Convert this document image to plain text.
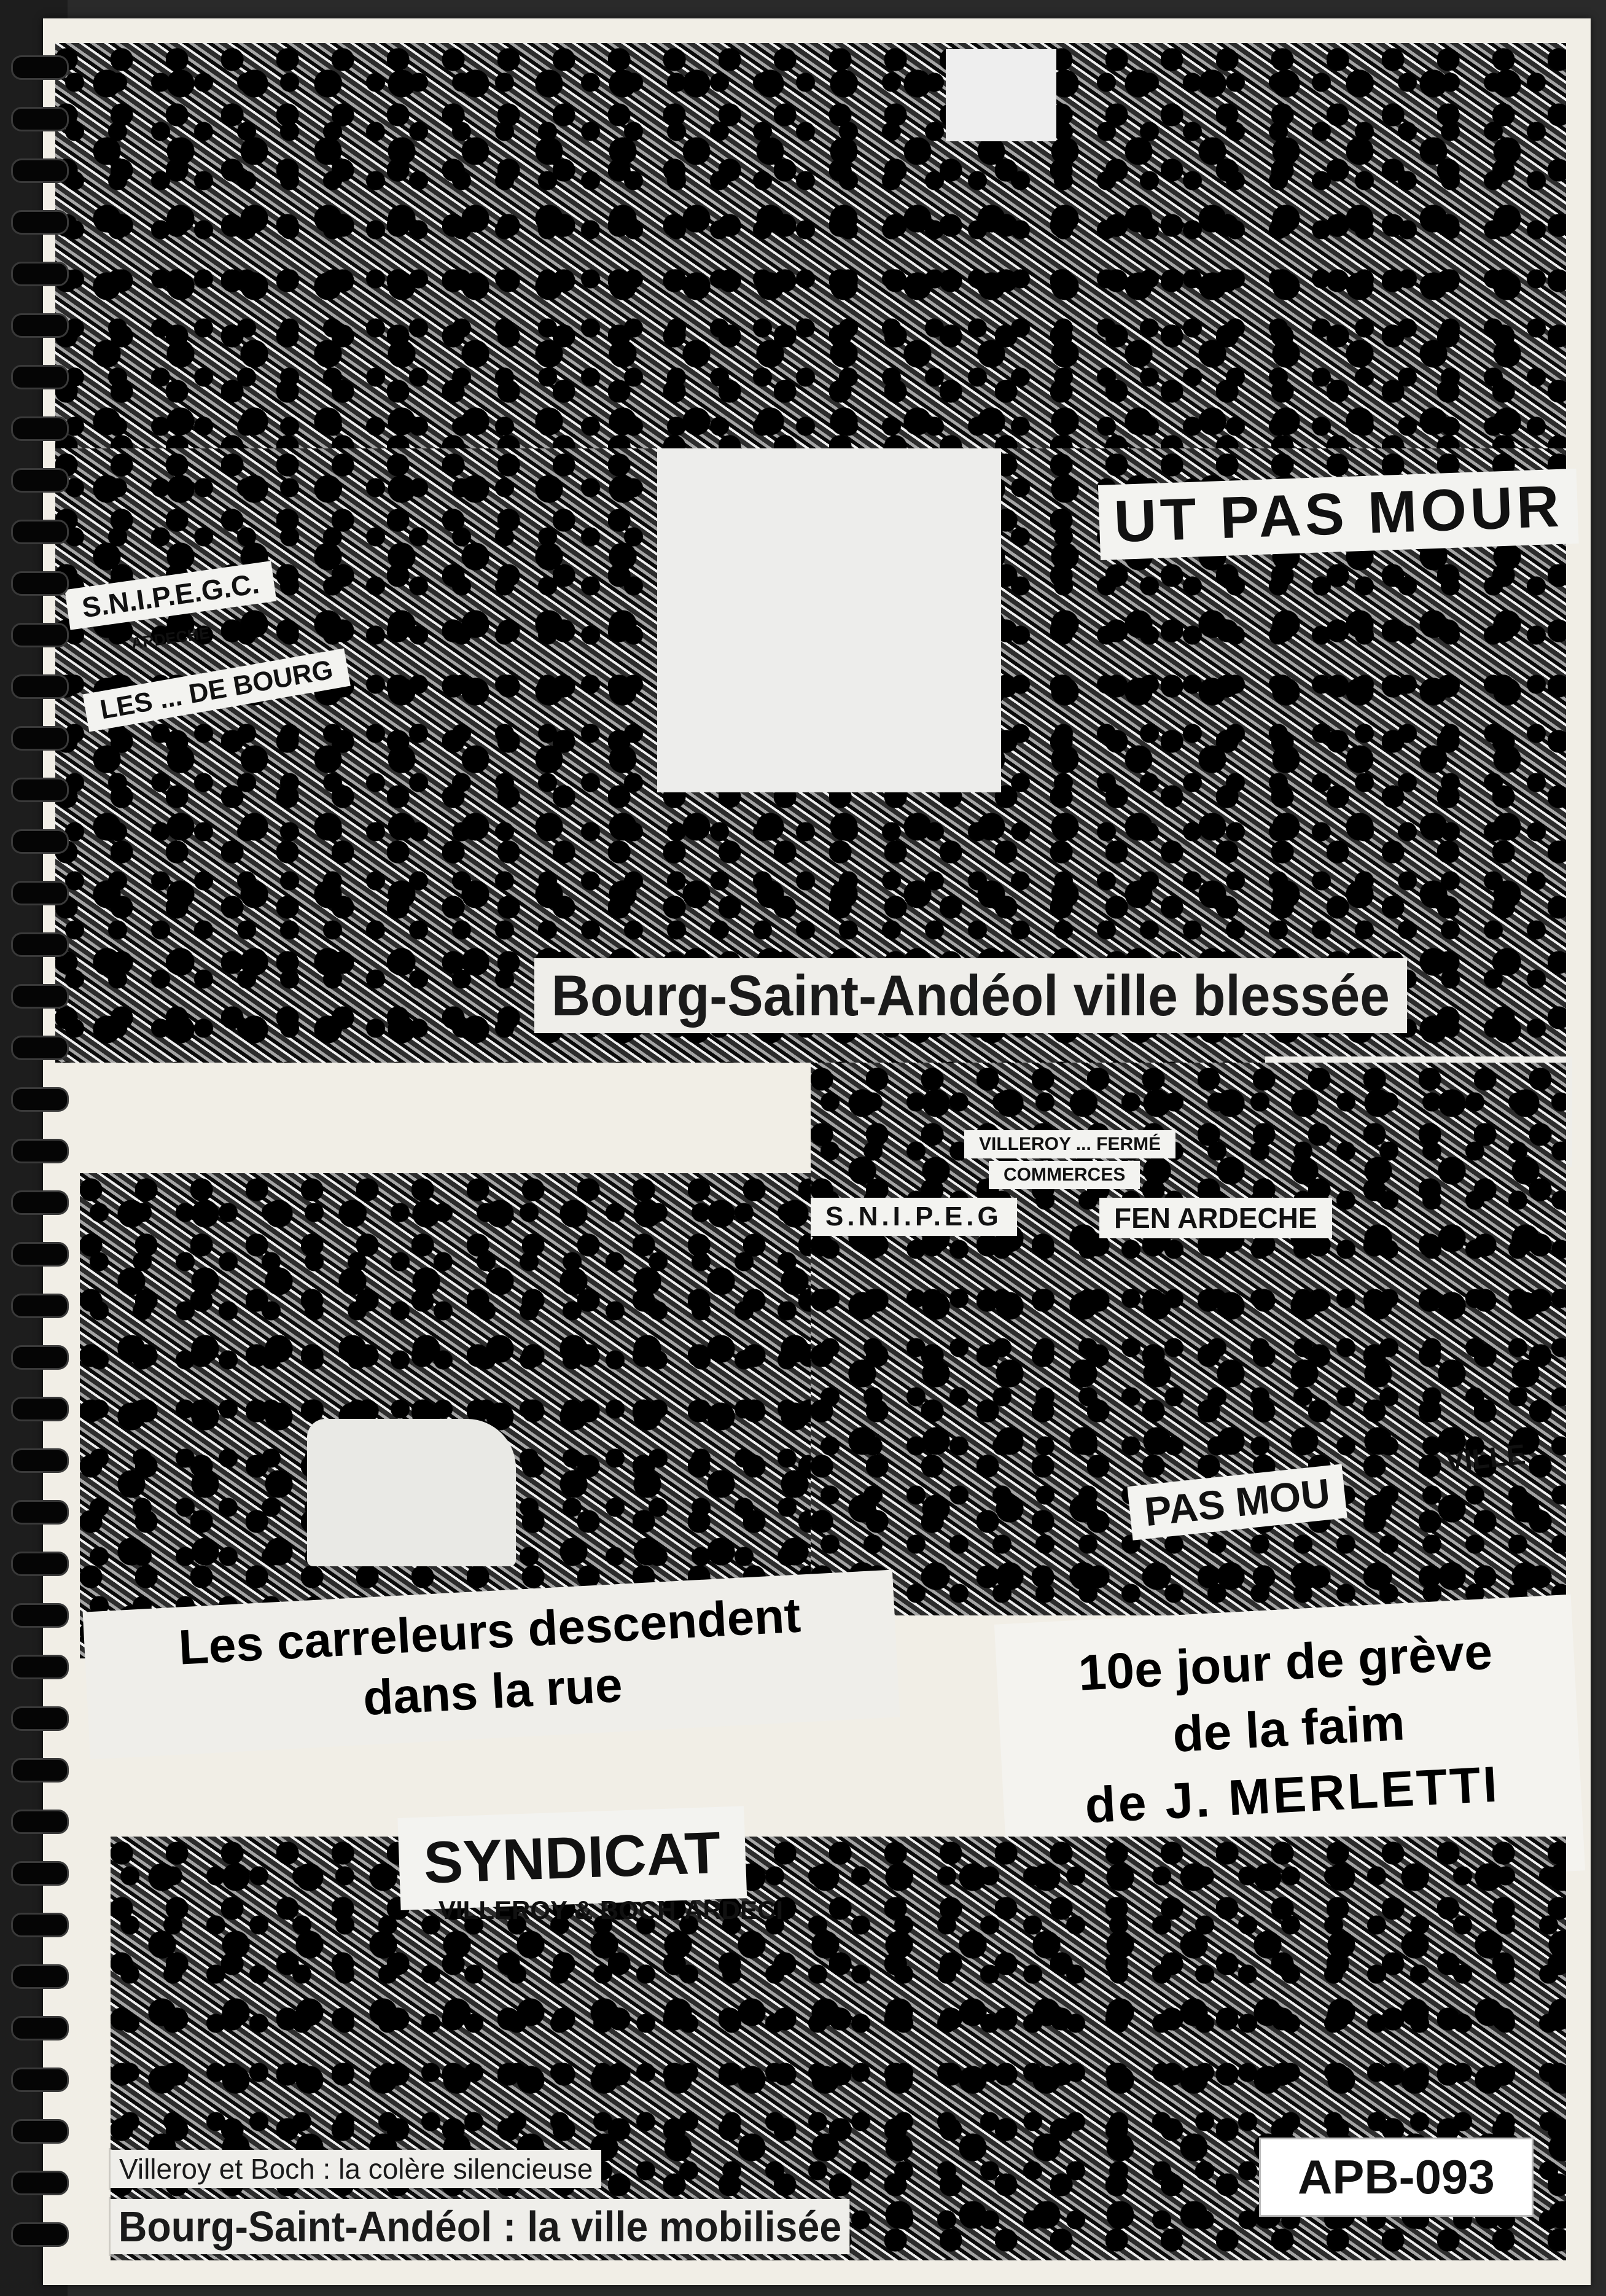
S.N.I.P.E.G.C.
ARDECHE
LES ... DE BOURG
UT PAS MOUR
Bourg-Saint-Andéol ville blessée
VILLEROY ... FERMÉ
COMMERCES
S.N.I.P.E.G	FEN ARDECHE
VILLE
PAS MOU
Les carreleurs descendent
dans la rue	10e jour de grève
de la faim
de J. MERLETTI
SYNDICAT
VILLEROY & BOCH ARDECI
Villeroy et Boch : la colère silencieuse
Bourg-Saint-Andéol : la ville mobilisée
APB-093
